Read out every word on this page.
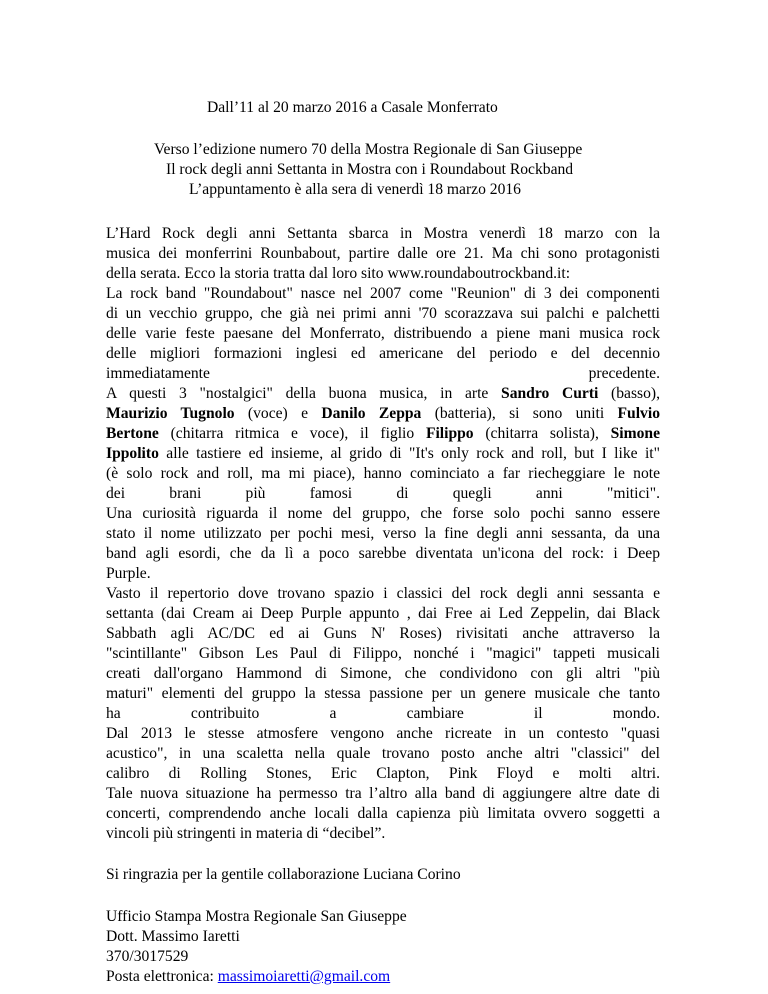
Dall’11 al 20 marzo 2016 a Casale Monferrato
Verso l’edizione numero 70 della Mostra Regionale di San Giuseppe
Il rock degli anni Settanta in Mostra con i Roundabout Rockband
L’appuntamento è alla sera di venerdì 18 marzo 2016
L’Hard Rock degli anni Settanta sbarca in Mostra venerdì 18 marzo con la
musica dei monferrini Rounbabout, partire dalle ore 21. Ma chi sono protagonisti
della serata. Ecco la storia tratta dal loro sito www.roundaboutrockband.it:
La rock band "Roundabout" nasce nel 2007 come "Reunion" di 3 dei componenti
di un vecchio gruppo, che già nei primi anni '70 scorazzava sui palchi e palchetti
delle varie feste paesane del Monferrato, distribuendo a piene mani musica rock
delle migliori formazioni inglesi ed americane del periodo e del decennio
immediatamente	precedente.
A questi 3 "nostalgici" della buona musica, in arte Sandro Curti (basso),
Maurizio Tugnolo (voce) e Danilo Zeppa (batteria), si sono uniti Fulvio
Bertone (chitarra ritmica e voce), il figlio Filippo (chitarra solista), Simone
Ippolito alle tastiere ed insieme, al grido di "It's only rock and roll, but I like it"
(è solo rock and roll, ma mi piace), hanno cominciato a far riecheggiare le note
dei brani più famosi di quegli anni "mitici".
Una curiosità riguarda il nome del gruppo, che forse solo pochi sanno essere
stato il nome utilizzato per pochi mesi, verso la fine degli anni sessanta, da una
band agli esordi, che da lì a poco sarebbe diventata un'icona del rock: i Deep
Purple.
Vasto il repertorio dove trovano spazio i classici del rock degli anni sessanta e
settanta (dai Cream ai Deep Purple appunto , dai Free ai Led Zeppelin, dai Black
Sabbath agli AC/DC ed ai Guns N' Roses) rivisitati anche attraverso la
"scintillante" Gibson Les Paul di Filippo, nonché i "magici" tappeti musicali
creati dall'organo Hammond di Simone, che condividono con gli altri "più
maturi" elementi del gruppo la stessa passione per un genere musicale che tanto
ha contribuito a cambiare il mondo.
Dal 2013 le stesse atmosfere vengono anche ricreate in un contesto "quasi
acustico", in una scaletta nella quale trovano posto anche altri "classici" del
calibro di Rolling Stones, Eric Clapton, Pink Floyd e molti altri.
Tale nuova situazione ha permesso tra l’altro alla band di aggiungere altre date di
concerti, comprendendo anche locali dalla capienza più limitata ovvero soggetti a
vincoli più stringenti in materia di “decibel”.
Si ringrazia per la gentile collaborazione Luciana Corino
Ufficio Stampa Mostra Regionale San Giuseppe
Dott. Massimo Iaretti
370/3017529
Posta elettronica: massimoiaretti@gmail.com
